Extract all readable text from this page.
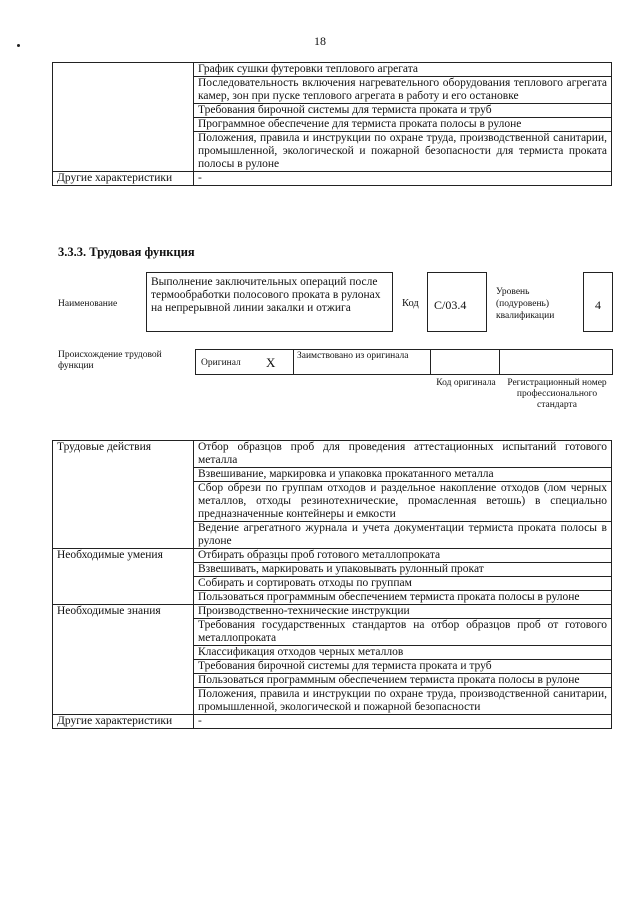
18
	График сушки футеровки теплового агрегата
	Последовательность включения нагревательного оборудования теплового агрегата камер, зон при пуске теплового агрегата в работу и его остановке
	Требования бирочной системы для термиста проката и труб
	Программное обеспечение для термиста проката полосы в рулоне
	Положения, правила и инструкции по охране труда, производственной санитарии, промышленной, экологической и пожарной безопасности для термиста проката полосы в рулоне
Другие характеристики	-
3.3.3. Трудовая функция
Наименование
Выполнение заключительных операций после термообработки полосового проката в рулонах на непрерывной линии закалки и отжига	Код	C/03.4
Уровень (подуровень) квалификации
4
Происхождение трудовой функции	Оригинал X Заимствовано из оригинала
Код оригинала	Регистрационный номер профессионального стандарта
Трудовые действия	Отбор образцов проб для проведения аттестационных испытаний готового металла
	Взвешивание, маркировка и упаковка прокатанного металла
	Сбор обрези по группам отходов и раздельное накопление отходов (лом черных металлов, отходы резинотехнические, промасленная ветошь) в специально предназначенные контейнеры и емкости
	Ведение агрегатного журнала и учета документации термиста проката полосы в рулоне
Необходимые умения	Отбирать образцы проб готового металлопроката
	Взвешивать, маркировать и упаковывать рулонный прокат
	Собирать и сортировать отходы по группам
	Пользоваться программным обеспечением термиста проката полосы в рулоне
Необходимые знания	Производственно-технические инструкции
	Требования государственных стандартов на отбор образцов проб от готового металлопроката
	Классификация отходов черных металлов
	Требования бирочной системы для термиста проката и труб
	Пользоваться программным обеспечением термиста проката полосы в рулоне
	Положения, правила и инструкции по охране труда, производственной санитарии, промышленной, экологической и пожарной безопасности
Другие характеристики	-
